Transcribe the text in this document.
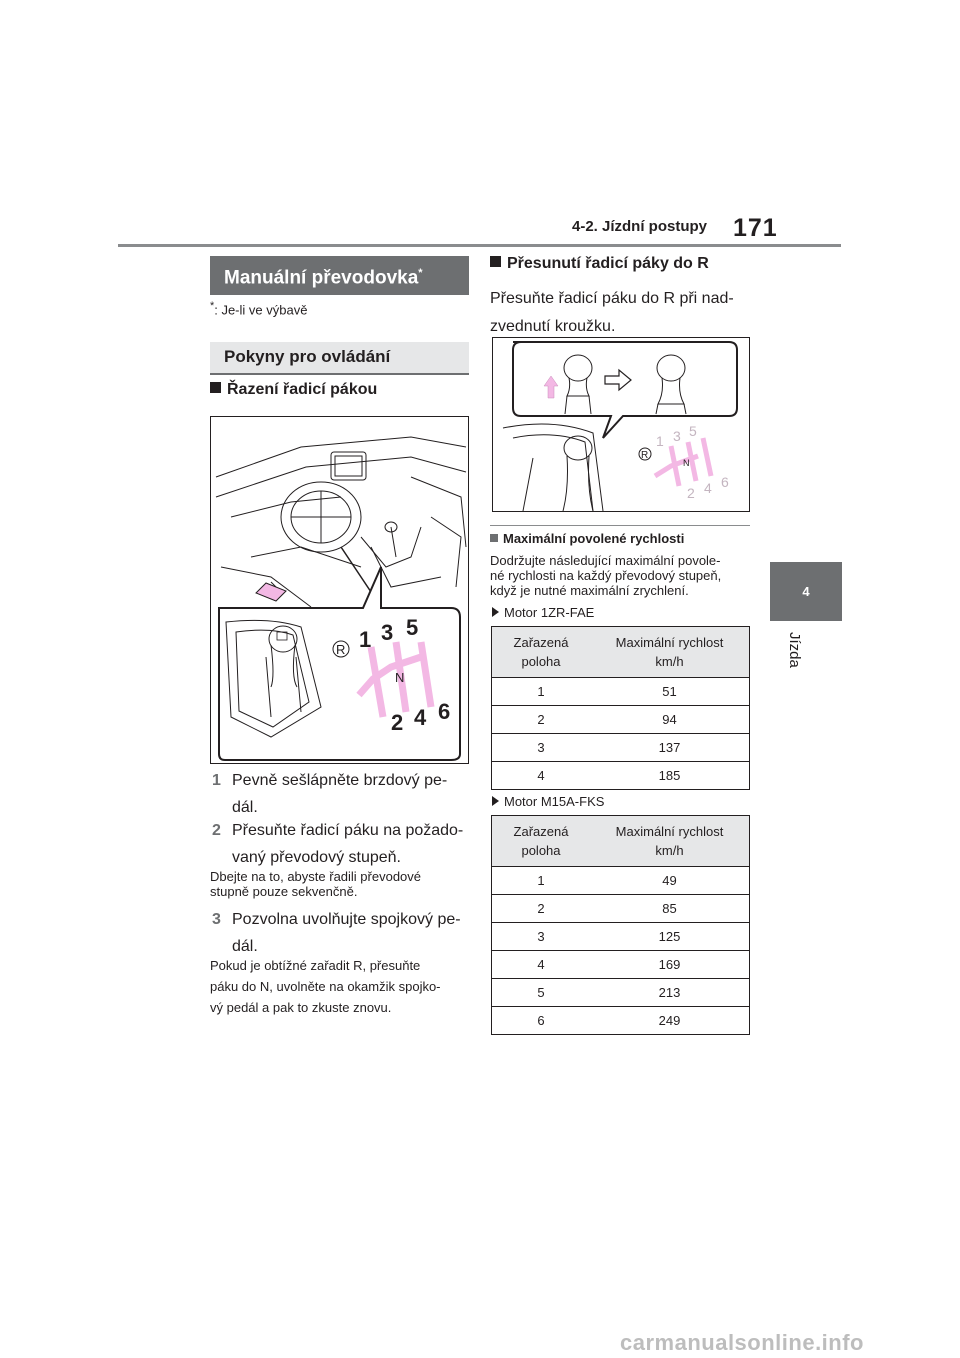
4-2. Jízdní postupy 171
4
Jízda
Manuální převodovka*
*: Je-li ve výbavě
Pokyny pro ovládání
Řazení řadicí pákou
R 1 3 5
N
2 4 6
1 Pevně sešlápněte brzdový pe-
dál.
2 Přesuňte řadicí páku na požado-
vaný převodový stupeň.
Dbejte na to, abyste řadili převodové
stupně pouze sekvenčně.
3 Pozvolna uvolňujte spojkový pe-
dál.
Pokud je obtížné zařadit R, přesuňte
páku do N, uvolněte na okamžik spojko-
vý pedál a pak to zkuste znovu.
Přesunutí řadicí páky do R
Přesuňte řadicí páku do R při nad-
zvednutí kroužku.
R
1 3 5
N
2 4 6
Maximální povolené rychlosti
Dodržujte následující maximální povole-
né rychlosti na každý převodový stupeň,
když je nutné maximální zrychlení.
Motor 1ZR-FAE
Zařazená
poloha	Maximální rychlost
km/h
1	51
2	94
3	137
4	185
Motor M15A-FKS
Zařazená
poloha	Maximální rychlost
km/h
1	49
2	85
3	125
4	169
5	213
6	249
carmanualsonline.info
